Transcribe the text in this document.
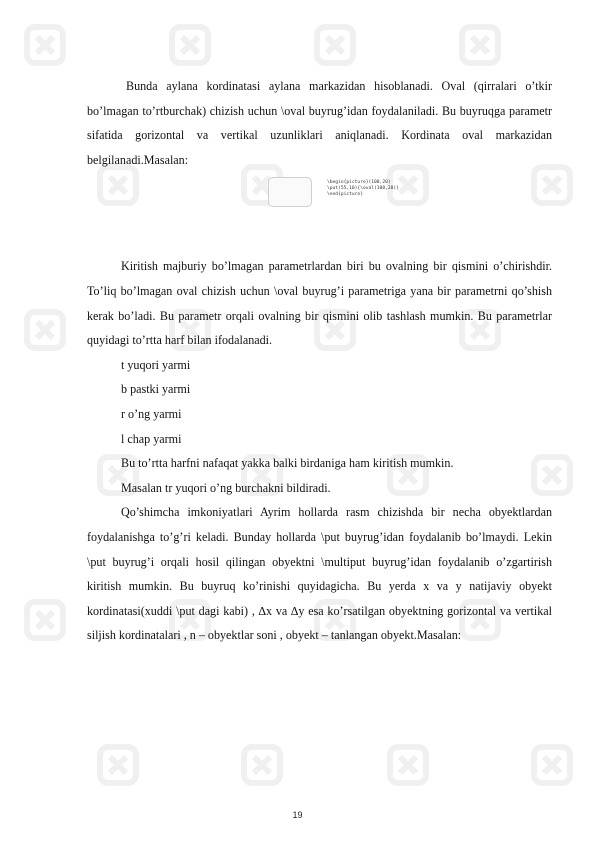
Bunda aylana kordinatasi aylana markazidan hisoblanadi. Oval (qirralari o’tkir bo’lmagan to’rtburchak) chizish uchun \oval buyrug’idan foydalaniladi. Bu buyruqga parametr sifatida gorizontal va vertikal uzunliklari aniqlanadi. Kordinata oval markazidan belgilanadi.Masalan:

\begin{picture}(100,20)
\put(55,10){\oval(100,20)}
\end{picture}

Kiritish majburiy bo’lmagan parametrlardan biri bu ovalning bir qismini o’chirishdir. To’liq bo’lmagan oval chizish uchun \oval buyrug’i parametriga yana bir parametrni qo’shish kerak bo’ladi. Bu parametr orqali ovalning bir qismini olib tashlash mumkin. Bu parametrlar quyidagi to’rtta harf bilan ifodalanadi.

t yuqori yarmi

b pastki yarmi

r o’ng yarmi

l chap yarmi

Bu to’rtta harfni nafaqat yakka balki birdaniga ham kiritish mumkin.

Masalan tr yuqori o’ng burchakni bildiradi.

Qo’shimcha imkoniyatlari Ayrim hollarda rasm chizishda bir necha obyektlardan foydalanishga to’g’ri keladi. Bunday hollarda \put buyrug’idan foydalanib bo’lmaydi. Lekin \put buyrug’i orqali hosil qilingan obyektni \multiput buyrug’idan foydalanib o’zgartirish kiritish mumkin. Bu buyruq ko’rinishi quyidagicha. Bu yerda x va y natijaviy obyekt kordinatasi(xuddi \put dagi kabi) , ∆x va ∆y esa ko’rsatilgan obyektning gorizontal va vertikal siljish kordinatalari , n – obyektlar soni , obyekt – tanlangan obyekt.Masalan:

19
